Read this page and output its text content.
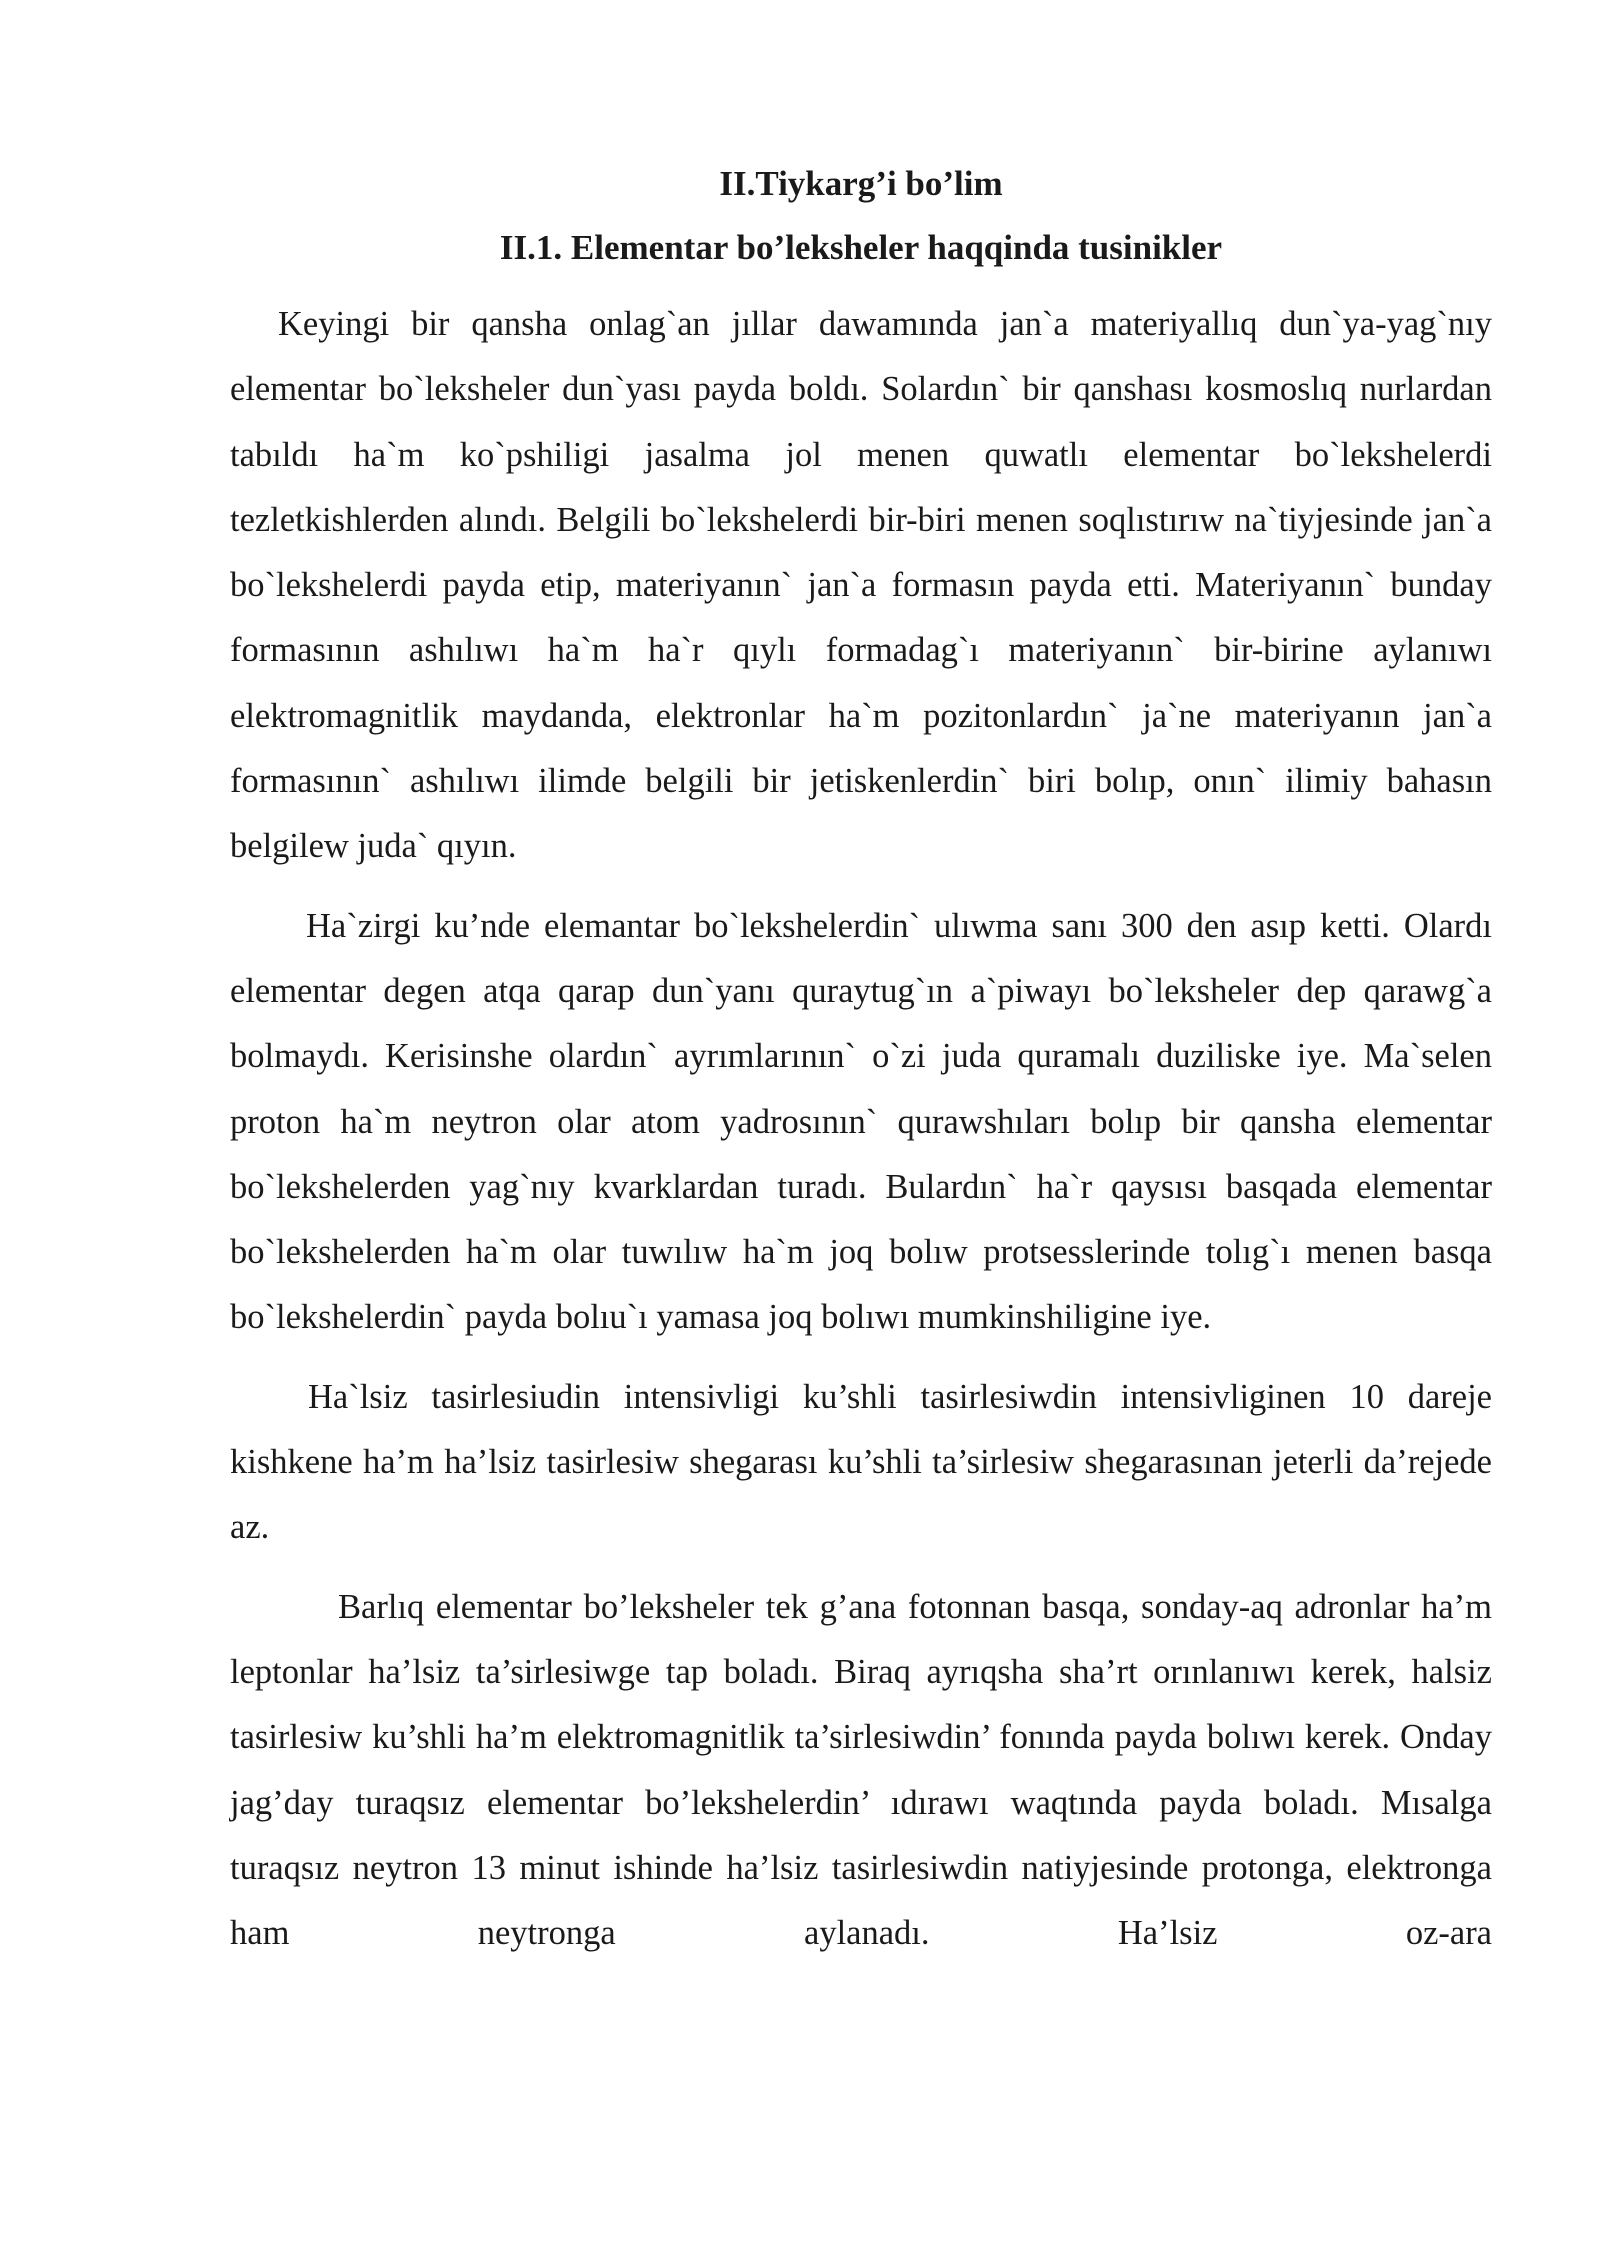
II.Tiykarg’i bo’lim
II.1. Elementar bo’leksheler haqqinda tusinikler

Keyingi bir qansha onlag`an jıllar dawamında jan`a materiyallıq dun`ya-yag`nıy elementar bo`leksheler dun`yası payda boldı. Solardın` bir qanshası kosmoslıq nurlardan tabıldı ha`m ko`pshiligi jasalma jol menen quwatlı elementar bo`lekshelerdi tezletkishlerden alındı. Belgili bo`lekshelerdi bir-biri menen soqlıstırıw na`tiyjesinde jan`a bo`lekshelerdi payda etip, materiyanın` jan`a formasın payda etti. Materiyanın` bunday formasının ashılıwı ha`m ha`r qıylı formadag`ı materiyanın` bir-birine aylanıwı elektromagnitlik maydanda, elektronlar ha`m pozitonlardın` ja`ne materiyanın jan`a formasının` ashılıwı ilimde belgili bir jetiskenlerdin` biri bolıp, onın` ilimiy bahasın belgilew juda` qıyın.

Ha`zirgi ku’nde elemantar bo`lekshelerdin` ulıwma sanı 300 den asıp ketti. Olardı elementar degen atqa qarap dun`yanı quraytug`ın a`piwayı bo`leksheler dep qarawg`a bolmaydı. Kerisinshe olardın` ayrımlarının` o`zi juda quramalı duziliske iye. Ma`selen proton ha`m neytron olar atom yadrosının` qurawshıları bolıp bir qansha elementar bo`lekshelerden yag`nıy kvarklardan turadı. Bulardın` ha`r qaysısı basqada elementar bo`lekshelerden ha`m olar tuwılıw ha`m joq bolıw protsesslerinde tolıg`ı menen basqa bo`lekshelerdin` payda bolıu`ı yamasa joq bolıwı mumkinshiligine iye.

Ha`lsiz tasirlesiudin intensivligi ku’shli tasirlesiwdin intensivliginen 10 dareje kishkene ha’m ha’lsiz tasirlesiw shegarası ku’shli ta’sirlesiw shegarasınan jeterli da’rejede az.

Barlıq elementar bo’leksheler tek g’ana fotonnan basqa, sonday-aq adronlar ha’m leptonlar ha’lsiz ta’sirlesiwge tap boladı. Biraq ayrıqsha sha’rt orınlanıwı kerek, halsiz tasirlesiw ku’shli ha’m elektromagnitlik ta’sirlesiwdin’ fonında payda bolıwı kerek. Onday jag’day turaqsız elementar bo’lekshelerdin’ ıdırawı waqtında payda boladı. Mısalga turaqsız neytron 13 minut ishinde ha’lsiz tasirlesiwdin natiyjesinde protonga, elektronga ham neytronga aylanadı. Ha’lsiz oz-ara
